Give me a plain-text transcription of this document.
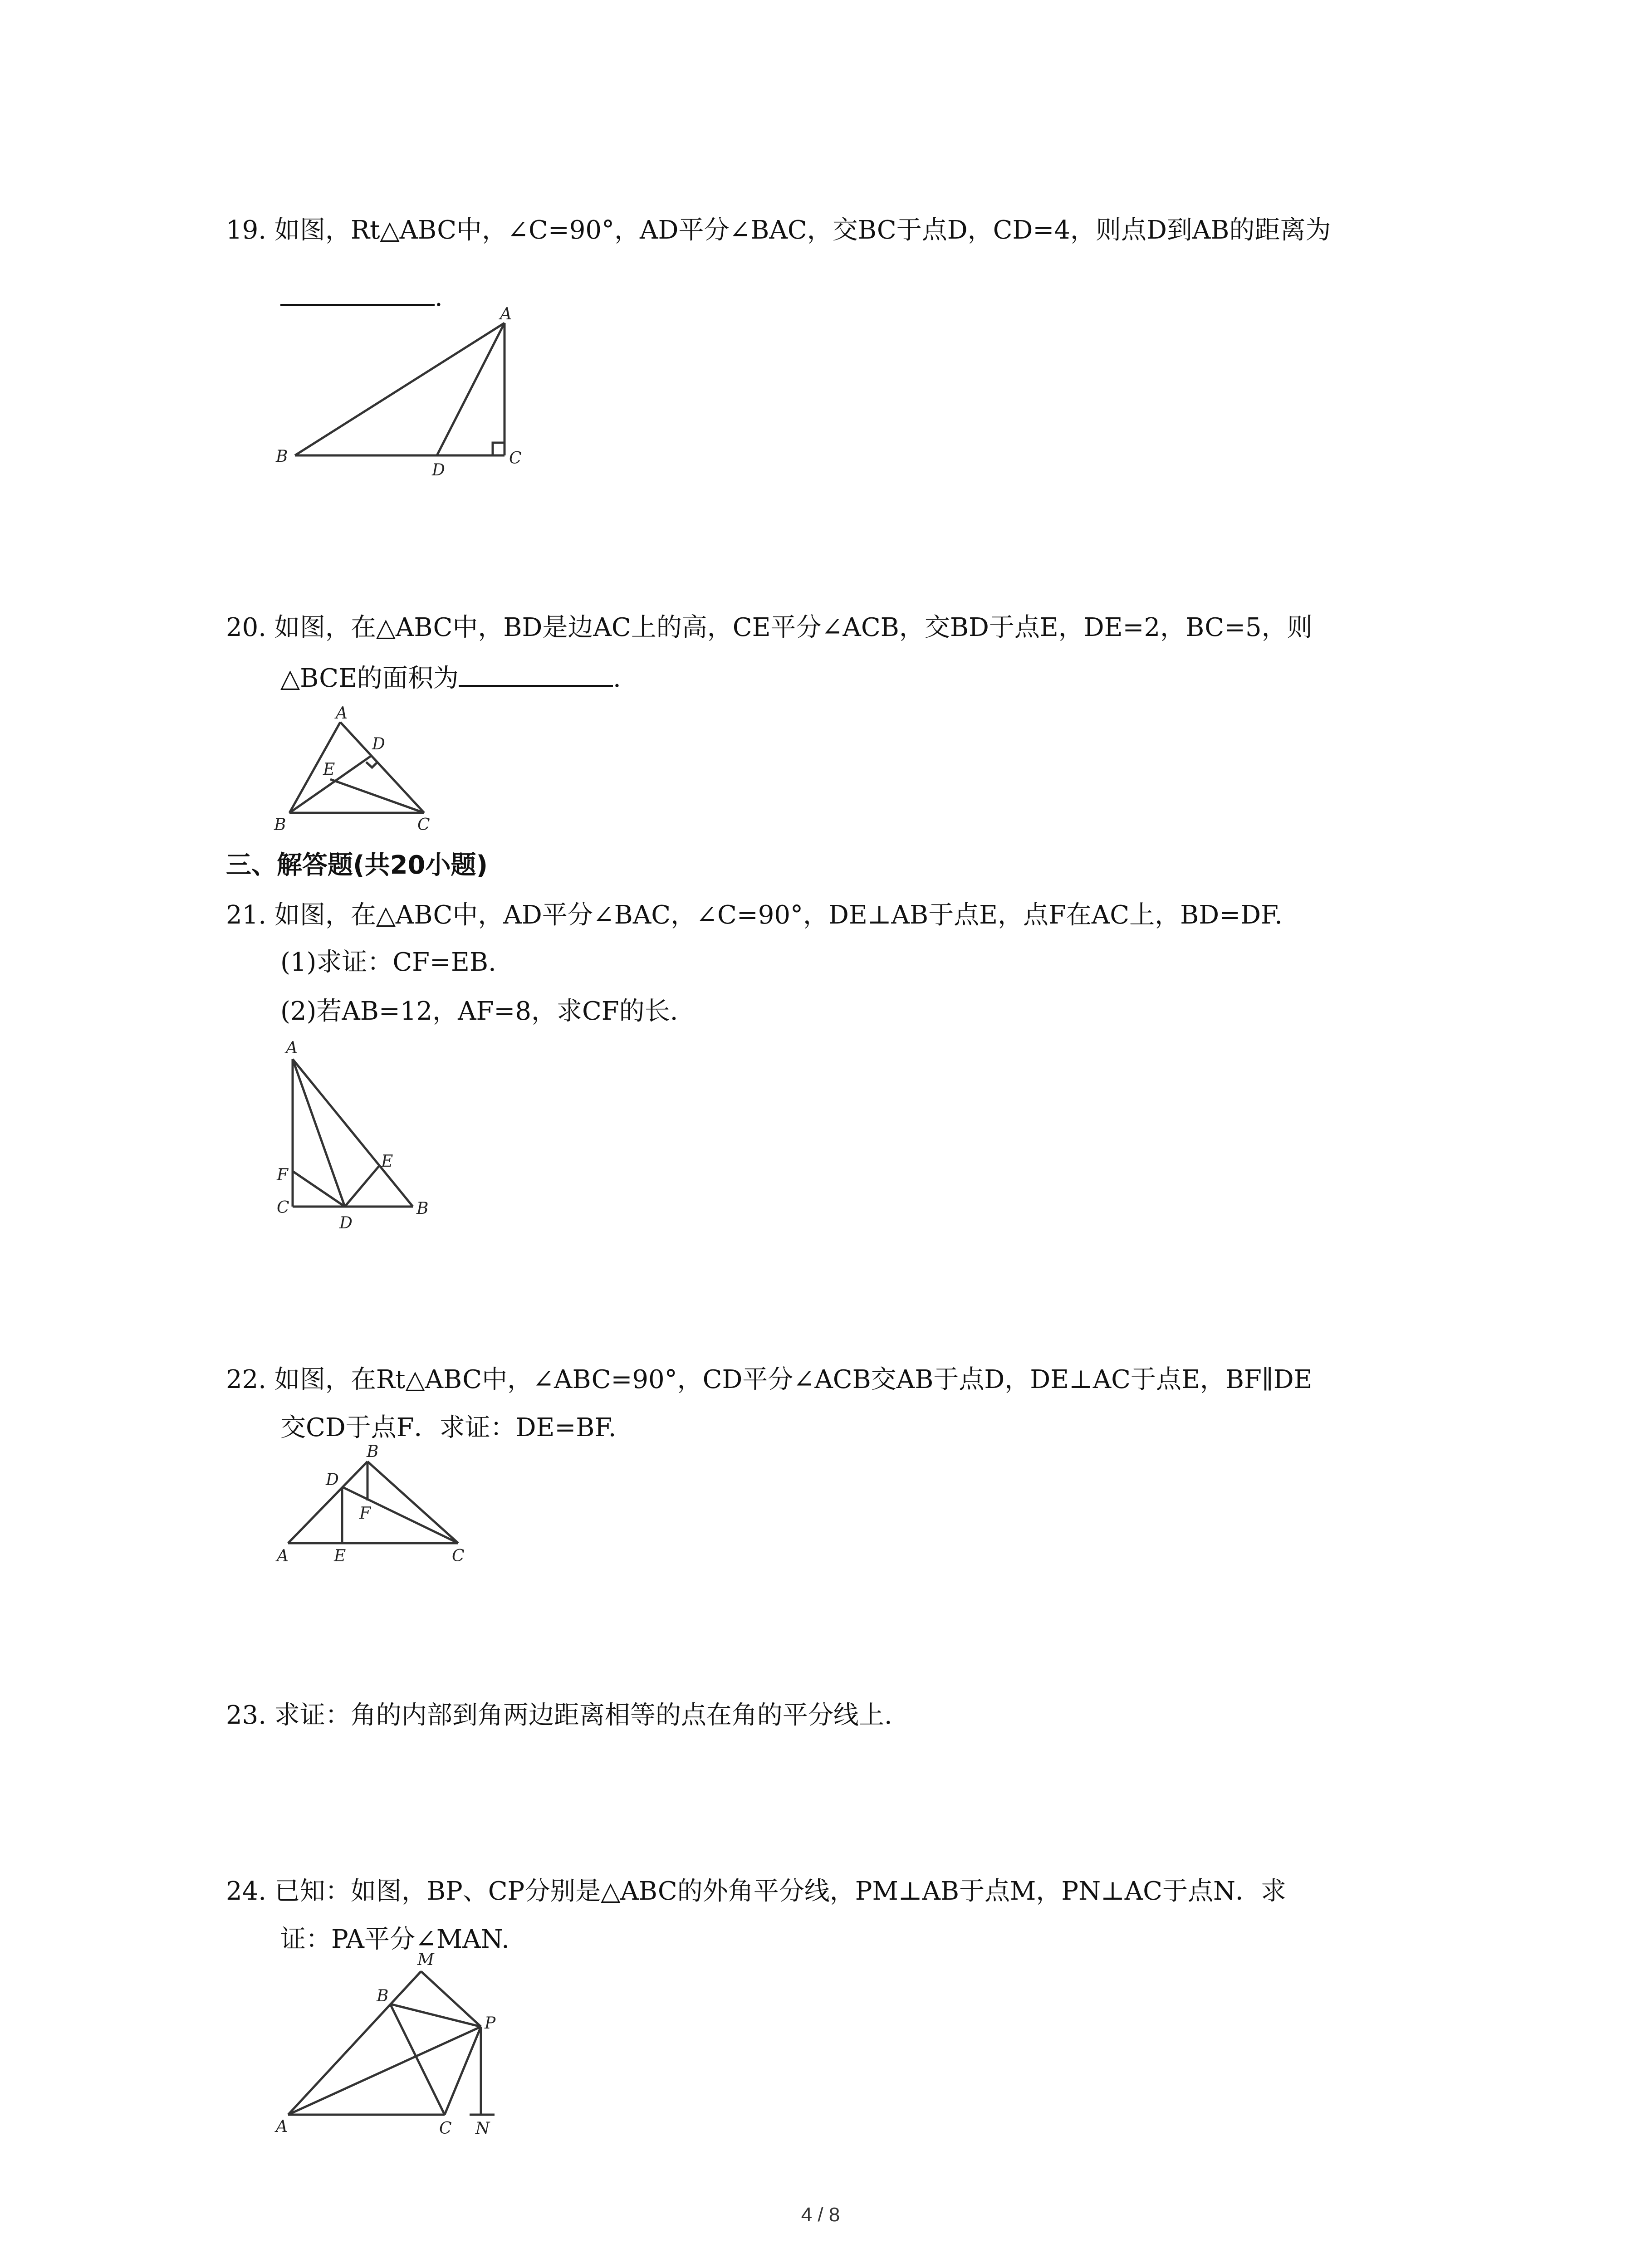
19. 如图，Rt△ABC中，∠C=90°，AD平分∠BAC，交BC于点D，CD=4，则点D到AB的距离为
.
A
B	C
D
20. 如图，在△ABC中，BD是边AC上的高，CE平分∠ACB，交BD于点E，DE=2，BC=5，则
△BCE的面积为	.
A
B	C
D
E
三、解答题(共20小题)
21. 如图，在△ABC中，AD平分∠BAC，∠C=90°，DE⊥AB于点E，点F在AC上，BD=DF.
(1)求证：CF=EB.
(2)若AB=12，AF=8，求CF的长.
A
F
C
D
E
B
22. 如图，在Rt△ABC中，∠ABC=90°，CD平分∠ACB交AB于点D，DE⊥AC于点E，BF∥DE
交CD于点F．求证：DE=BF.
B
D
F
A	E	C
23. 求证：角的内部到角两边距离相等的点在角的平分线上.
24. 已知：如图，BP、CP分别是△ABC的外角平分线，PM⊥AB于点M，PN⊥AC于点N．求
证：PA平分∠MAN.
M
B
P
A	C N
4 / 8
